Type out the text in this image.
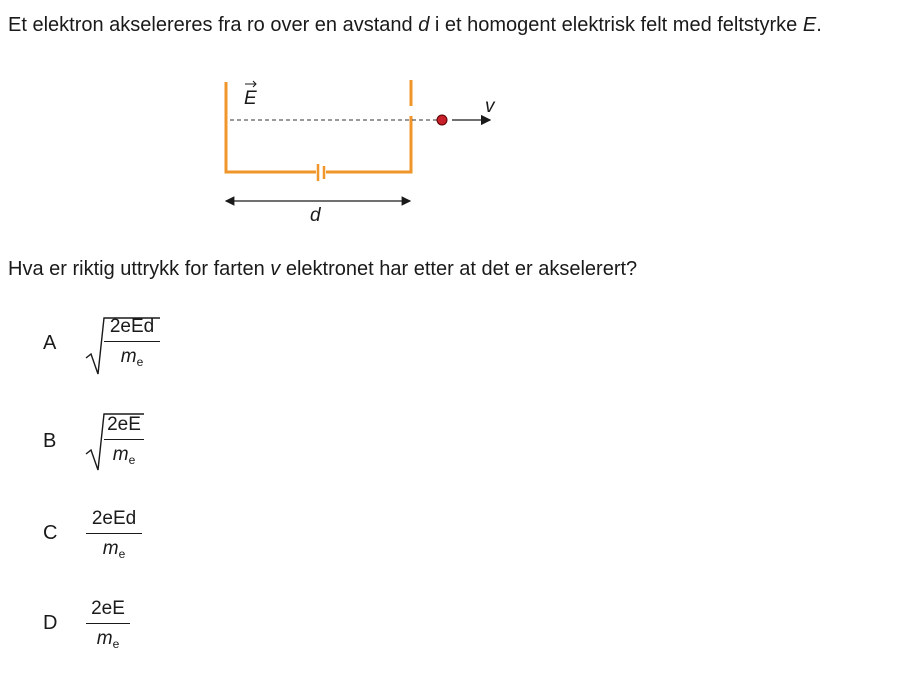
Et elektron akselereres fra ro over en avstand d i et homogent elektrisk felt med feltstyrke E.
v
E
d
Hva er riktig uttrykk for farten v elektronet har etter at det er akselerert?
A
2eEd
$m_e$
B
2eE
$m_e$
C
2eEd
$m_e$
D
2eE
$m_e$
